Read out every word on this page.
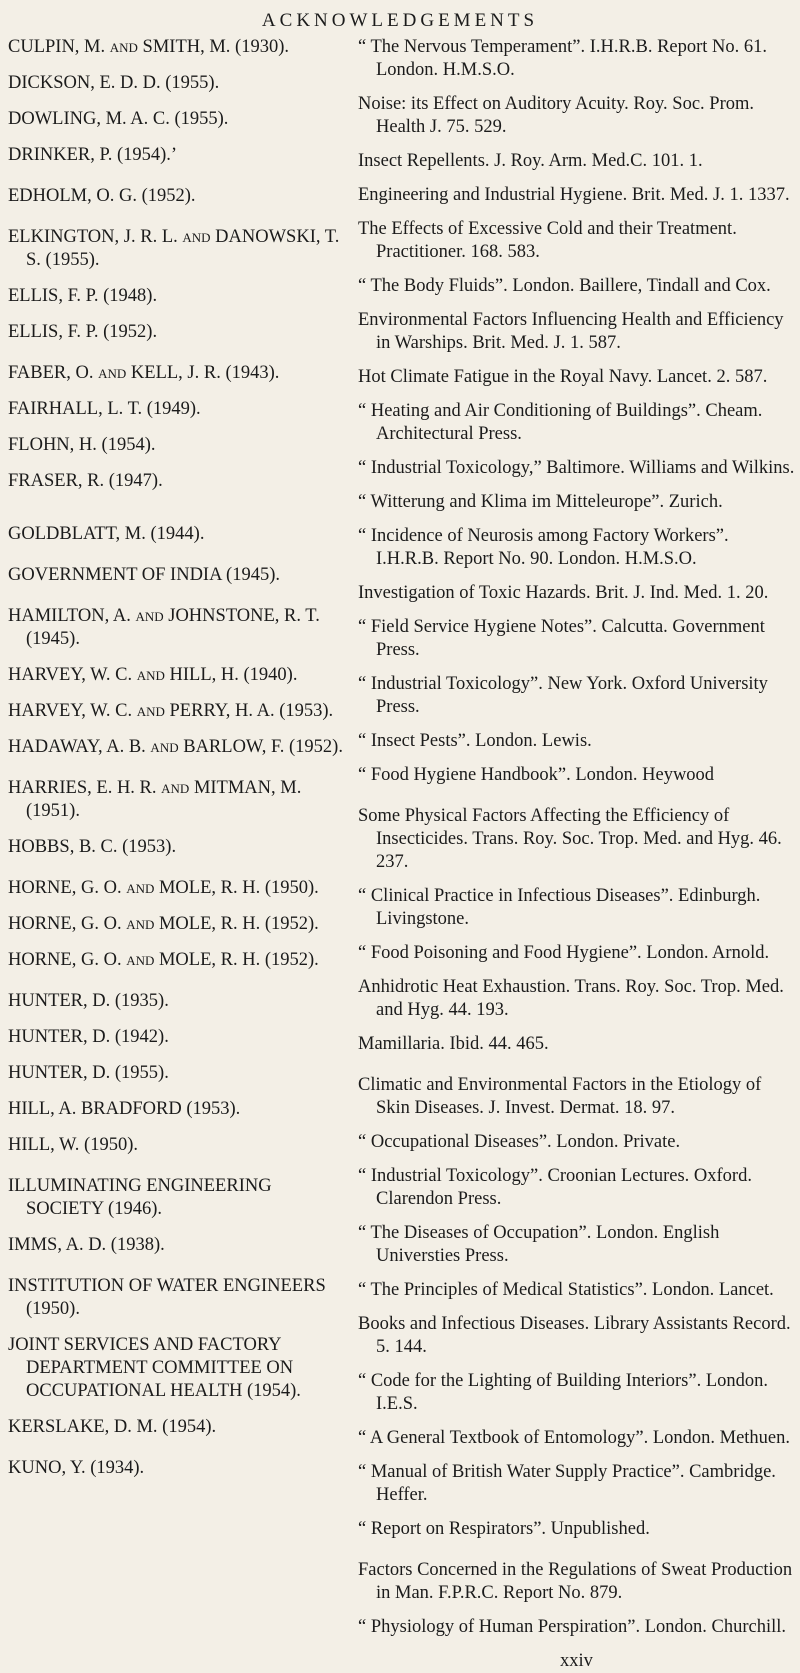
ACKNOWLEDGEMENTS
CULPIN, M. and SMITH, M. (1930).
DICKSON, E. D. D. (1955).
DOWLING, M. A. C. (1955).
DRINKER, P. (1954).’
EDHOLM, O. G. (1952).
ELKINGTON, J. R. L. and DANOWSKI, T. S. (1955).
ELLIS, F. P. (1948).
ELLIS, F. P. (1952).
FABER, O. and KELL, J. R. (1943).
FAIRHALL, L. T. (1949).
FLOHN, H. (1954).
FRASER, R. (1947).
GOLDBLATT, M. (1944).
GOVERNMENT OF INDIA (1945).
HAMILTON, A. and JOHNSTONE, R. T. (1945).
HARVEY, W. C. and HILL, H. (1940).
HARVEY, W. C. and PERRY, H. A. (1953).
HADAWAY, A. B. and BARLOW, F. (1952).
HARRIES, E. H. R. and MITMAN, M. (1951).
HOBBS, B. C. (1953).
HORNE, G. O. and MOLE, R. H. (1950).
HORNE, G. O. and MOLE, R. H. (1952).
HORNE, G. O. and MOLE, R. H. (1952).
HUNTER, D. (1935).
HUNTER, D. (1942).
HUNTER, D. (1955).
HILL, A. BRADFORD (1953).
HILL, W. (1950).
ILLUMINATING ENGINEERING SOCIETY (1946).
IMMS, A. D. (1938).
INSTITUTION OF WATER ENGINEERS (1950).
JOINT SERVICES AND FACTORY DEPARTMENT COMMITTEE ON OCCUPATIONAL HEALTH (1954).
KERSLAKE, D. M. (1954).
KUNO, Y. (1934).
“ The Nervous Temperament”. I.H.R.B. Report No. 61. London. H.M.S.O.
Noise: its Effect on Auditory Acuity. Roy. Soc. Prom. Health J. 75. 529.
Insect Repellents. J. Roy. Arm. Med.C. 101. 1.
Engineering and Industrial Hygiene. Brit. Med. J. 1. 1337.
The Effects of Excessive Cold and their Treatment. Practitioner. 168. 583.
“ The Body Fluids”. London. Baillere, Tindall and Cox.
Environmental Factors Influencing Health and Efficiency in Warships. Brit. Med. J. 1. 587.
Hot Climate Fatigue in the Royal Navy. Lancet. 2. 587.
“ Heating and Air Conditioning of Buildings”. Cheam. Architectural Press.
“ Industrial Toxicology,” Baltimore. Williams and Wilkins.
“ Witterung and Klima im Mitteleurope”. Zurich.
“ Incidence of Neurosis among Factory Workers”. I.H.R.B. Report No. 90. London. H.M.S.O.
Investigation of Toxic Hazards. Brit. J. Ind. Med. 1. 20.
“ Field Service Hygiene Notes”. Calcutta. Government Press.
“ Industrial Toxicology”. New York. Oxford University Press.
“ Insect Pests”. London. Lewis.
“ Food Hygiene Handbook”. London. Heywood
Some Physical Factors Affecting the Efficiency of Insecticides. Trans. Roy. Soc. Trop. Med. and Hyg. 46. 237.
“ Clinical Practice in Infectious Diseases”. Edinburgh. Livingstone.
“ Food Poisoning and Food Hygiene”. London. Arnold.
Anhidrotic Heat Exhaustion. Trans. Roy. Soc. Trop. Med. and Hyg. 44. 193.
Mamillaria. Ibid. 44. 465.
Climatic and Environmental Factors in the Etiology of Skin Diseases. J. Invest. Dermat. 18. 97.
“ Occupational Diseases”. London. Private.
“ Industrial Toxicology”. Croonian Lectures. Oxford. Clarendon Press.
“ The Diseases of Occupation”. London. English Universties Press.
“ The Principles of Medical Statistics”. London. Lancet.
Books and Infectious Diseases. Library Assistants Record. 5. 144.
“ Code for the Lighting of Building Interiors”. London. I.E.S.
“ A General Textbook of Entomology”. London. Methuen.
“ Manual of British Water Supply Practice”. Cambridge. Heffer.
“ Report on Respirators”. Unpublished.
Factors Concerned in the Regulations of Sweat Production in Man. F.P.R.C. Report No. 879.
“ Physiology of Human Perspiration”. London. Churchill.
xxiv
